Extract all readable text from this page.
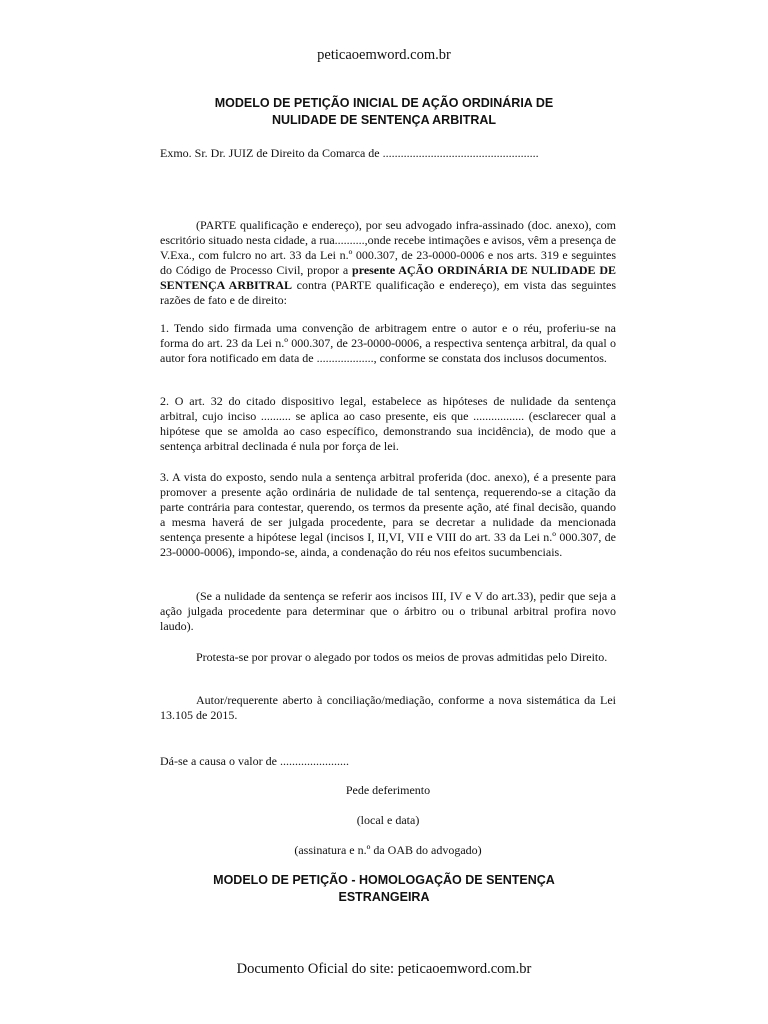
peticaoemword.com.br
MODELO DE PETIÇÃO INICIAL DE AÇÃO ORDINÁRIA DE
NULIDADE DE SENTENÇA ARBITRAL

Exmo. Sr. Dr. JUIZ de Direito da Comarca de ....................................................

(PARTE qualificação e endereço), por seu advogado infra-assinado (doc. anexo), com escritório situado nesta cidade, a rua..........,onde recebe intimações e avisos, vêm a presença de V.Exa., com fulcro no art. 33 da Lei n.º 000.307, de 23-0000-0006 e nos arts. 319 e seguintes do Código de Processo Civil, propor a presente AÇÃO ORDINÁRIA DE NULIDADE DE SENTENÇA ARBITRAL contra (PARTE qualificação e endereço), em vista das seguintes razões de fato e de direito:

1. Tendo sido firmada uma convenção de arbitragem entre o autor e o réu, proferiu-se na forma do art. 23 da Lei n.º 000.307, de 23-0000-0006, a respectiva sentença arbitral, da qual o autor fora notificado em data de ..................., conforme se constata dos inclusos documentos.

2. O art. 32 do citado dispositivo legal, estabelece as hipóteses de nulidade da sentença arbitral, cujo inciso .......... se aplica ao caso presente, eis que ................. (esclarecer qual a hipótese que se amolda ao caso específico, demonstrando sua incidência), de modo que a sentença arbitral declinada é nula por força de lei.

3. A vista do exposto, sendo nula a sentença arbitral proferida (doc. anexo), é a presente para promover a presente ação ordinária de nulidade de tal sentença, requerendo-se a citação da parte contrária para contestar, querendo, os termos da presente ação, até final decisão, quando a mesma haverá de ser julgada procedente, para se decretar a nulidade da mencionada sentença presente a hipótese legal (incisos I, II,VI, VII e VIII do art. 33 da Lei n.º 000.307, de 23-0000-0006), impondo-se, ainda, a condenação do réu nos efeitos sucumbenciais.

(Se a nulidade da sentença se referir aos incisos III, IV e V do art.33), pedir que seja a ação julgada procedente para determinar que o árbitro ou o tribunal arbitral profira novo laudo).

Protesta-se por provar o alegado por todos os meios de provas admitidas pelo Direito.

Autor/requerente aberto à conciliação/mediação, conforme a nova sistemática da Lei 13.105 de 2015.

Dá-se a causa o valor de .......................

Pede deferimento

(local e data)

(assinatura e n.º da OAB do advogado)

MODELO DE PETIÇÃO - HOMOLOGAÇÃO DE SENTENÇA
ESTRANGEIRA
Documento Oficial do site: peticaoemword.com.br
